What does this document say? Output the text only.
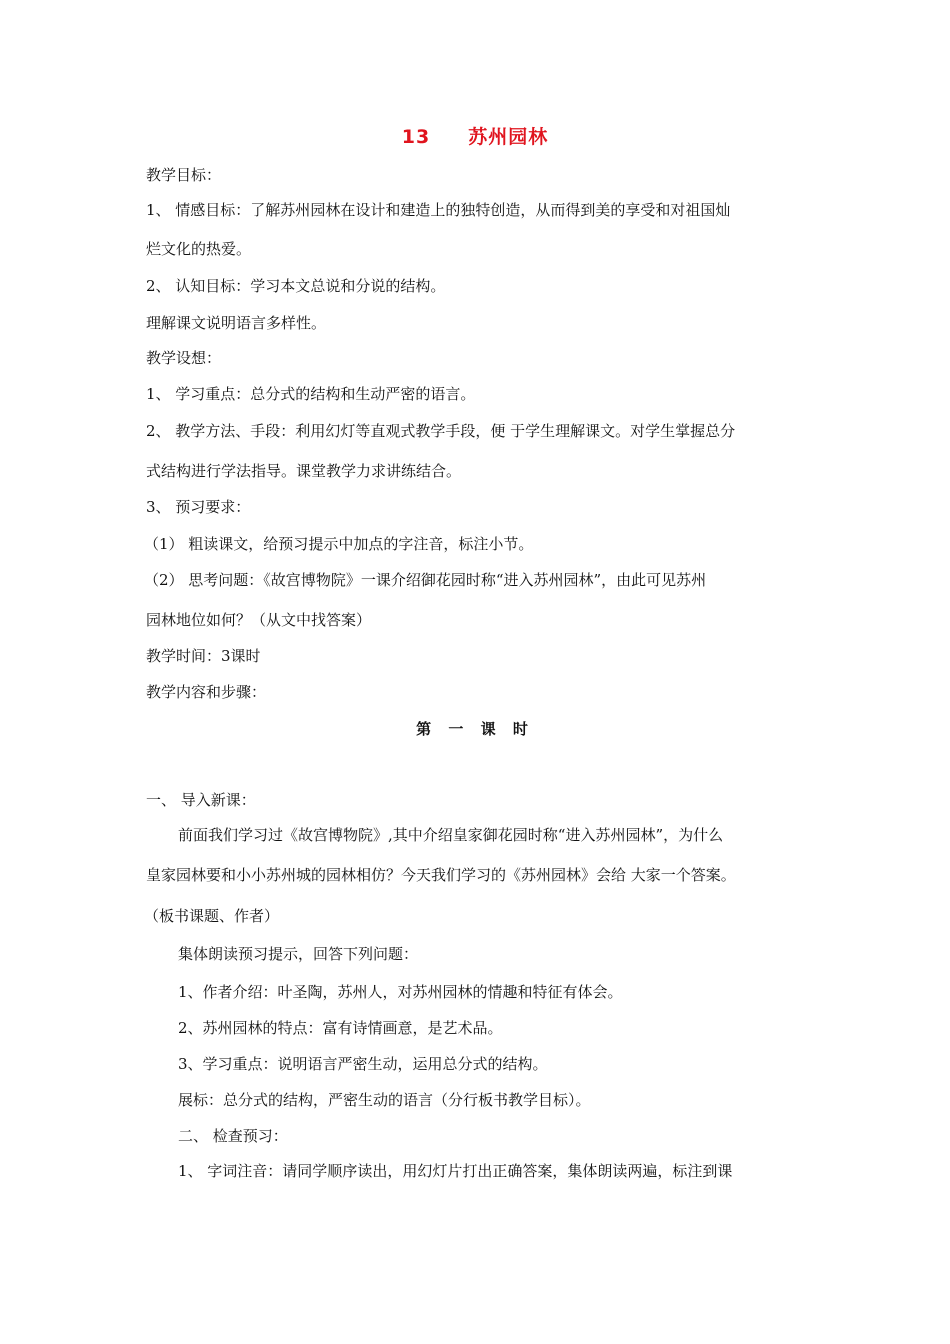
13 苏州园林
教学目标：
1、 情感目标：了解苏州园林在设计和建造上的独特创造，从而得到美的享受和对祖国灿
烂文化的热爱。
2、 认知目标：学习本文总说和分说的结构。
理解课文说明语言多样性。
教学设想：
1、 学习重点：总分式的结构和生动严密的语言。
2、 教学方法、手段：利用幻灯等直观式教学手段，便 于学生理解课文。对学生掌握总分
式结构进行学法指导。课堂教学力求讲练结合。
3、 预习要求：
（1） 粗读课文，给预习提示中加点的字注音，标注小节。
（2） 思考问题：《故宫博物院》一课介绍御花园时称“进入苏州园林”，由此可见苏州
园林地位如何？（从文中找答案）
教学时间：3课时
教学内容和步骤：
第 一 课 时
一、 导入新课：
前面我们学习过《故宫博物院》,其中介绍皇家御花园时称“进入苏州园林”，为什么
皇家园林要和小小苏州城的园林相仿？今天我们学习的《苏州园林》会给 大家一个答案。
（板书课题、作者）
集体朗读预习提示，回答下列问题：
1、作者介绍：叶圣陶，苏州人，对苏州园林的情趣和特征有体会。
2、苏州园林的特点：富有诗情画意，是艺术品。
3、学习重点：说明语言严密生动，运用总分式的结构。
展标：总分式的结构，严密生动的语言（分行板书教学目标）。
二、 检查预习：
1、 字词注音：请同学顺序读出，用幻灯片打出正确答案，集体朗读两遍，标注到课
